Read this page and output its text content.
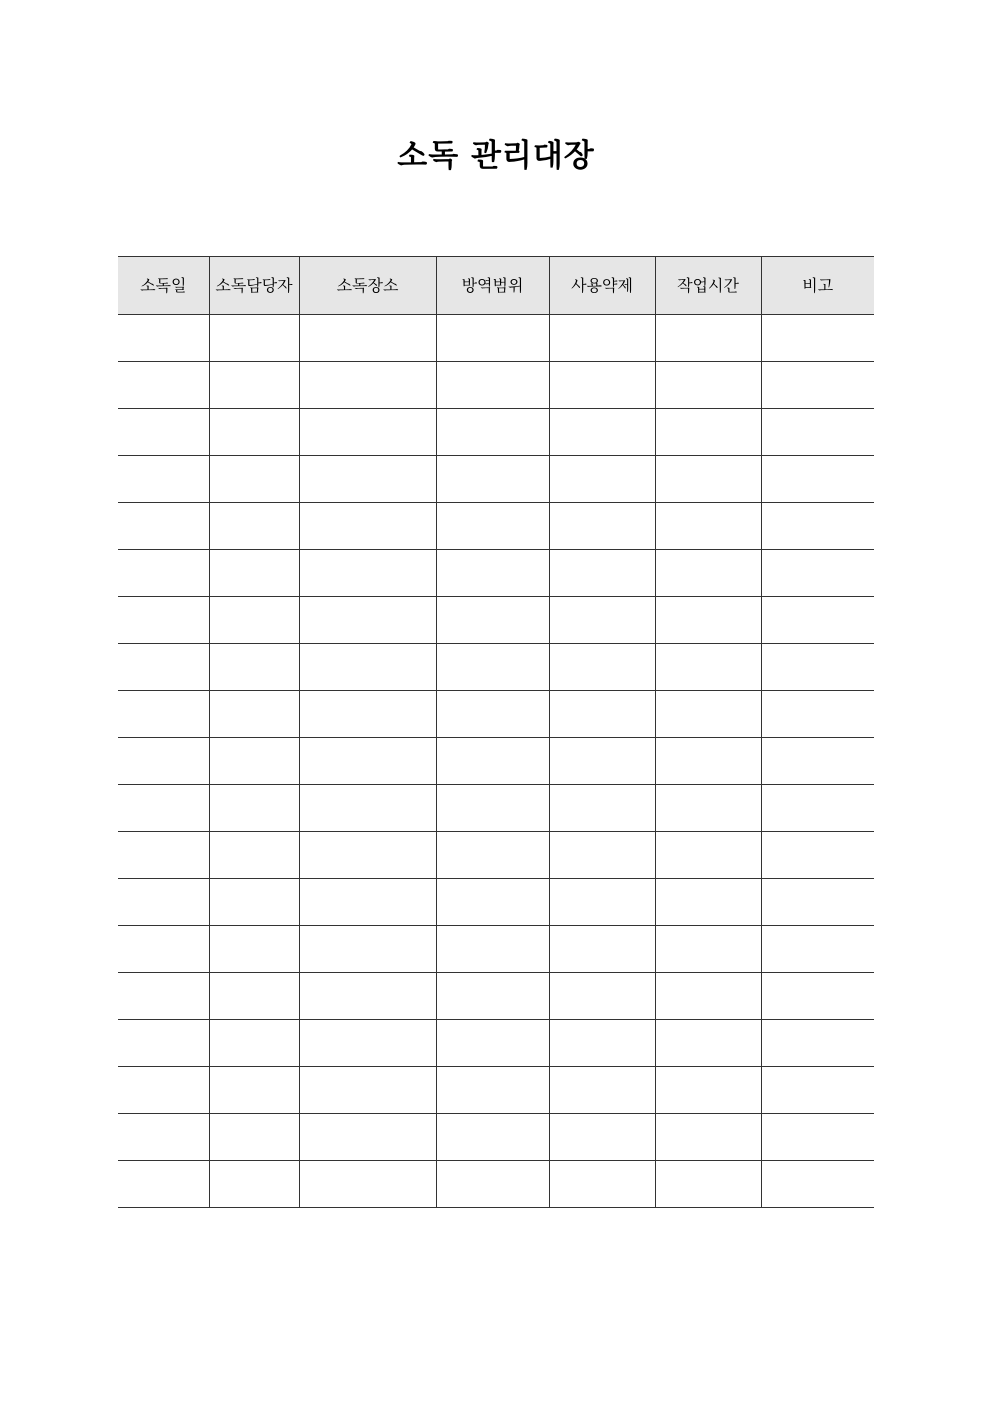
소독 관리대장
소독일	소독담당자	소독장소	방역범위	사용약제	작업시간	비고
